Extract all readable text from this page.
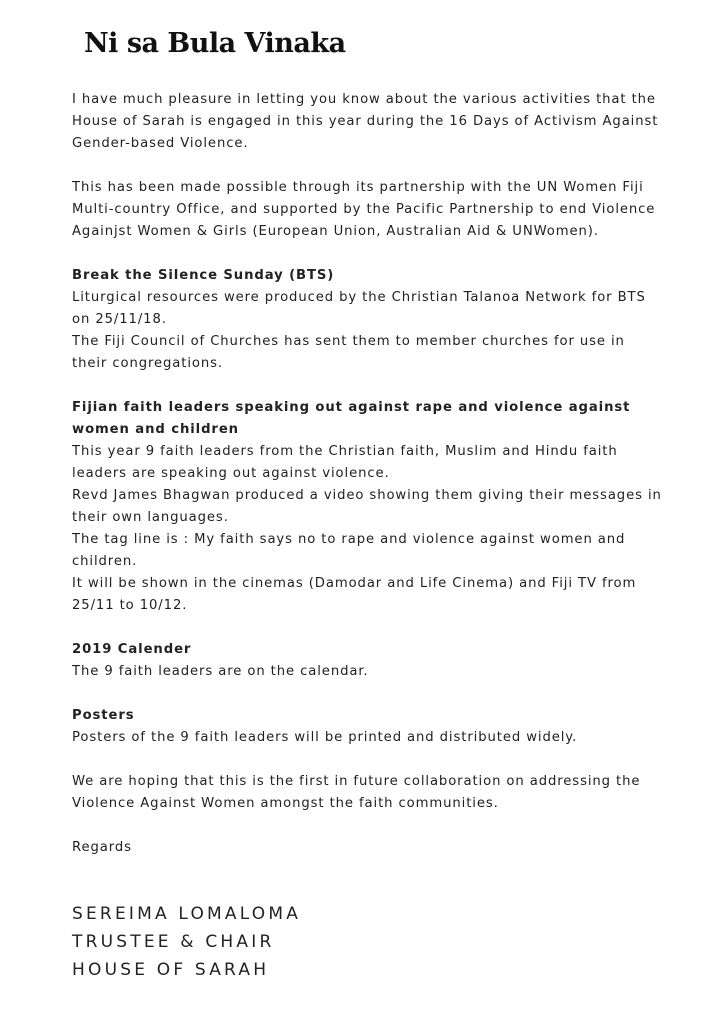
Ni sa Bula Vinaka

I have much pleasure in letting you know about the various activities that the House of Sarah is engaged in this year during the 16 Days of Activism Against Gender-based Violence.

This has been made possible through its partnership with the UN Women Fiji Multi-country Office, and supported by the Pacific Partnership to end Violence Againjst Women & Girls (European Union, Australian Aid & UNWomen).

Break the Silence Sunday (BTS)
Liturgical resources were produced by the Christian Talanoa Network for BTS on 25/11/18.
The Fiji Council of Churches has sent them to member churches for use in their congregations.

Fijian faith leaders speaking out against rape and violence against women and children
This year 9 faith leaders from the Christian faith, Muslim and Hindu faith leaders are speaking out against violence.
Revd James Bhagwan produced a video showing them giving their messages in their own languages.
The tag line is : My faith says no to rape and violence against women and children.
It will be shown in the cinemas (Damodar and Life Cinema) and Fiji TV from 25/11 to 10/12.

2019 Calender
The 9 faith leaders are on the calendar.

Posters
Posters of the 9 faith leaders will be printed and distributed widely.

We are hoping that this is the first in future collaboration on addressing the Violence Against Women amongst the faith communities.

Regards

SEREIMA LOMALOMA
TRUSTEE & CHAIR
HOUSE OF SARAH
